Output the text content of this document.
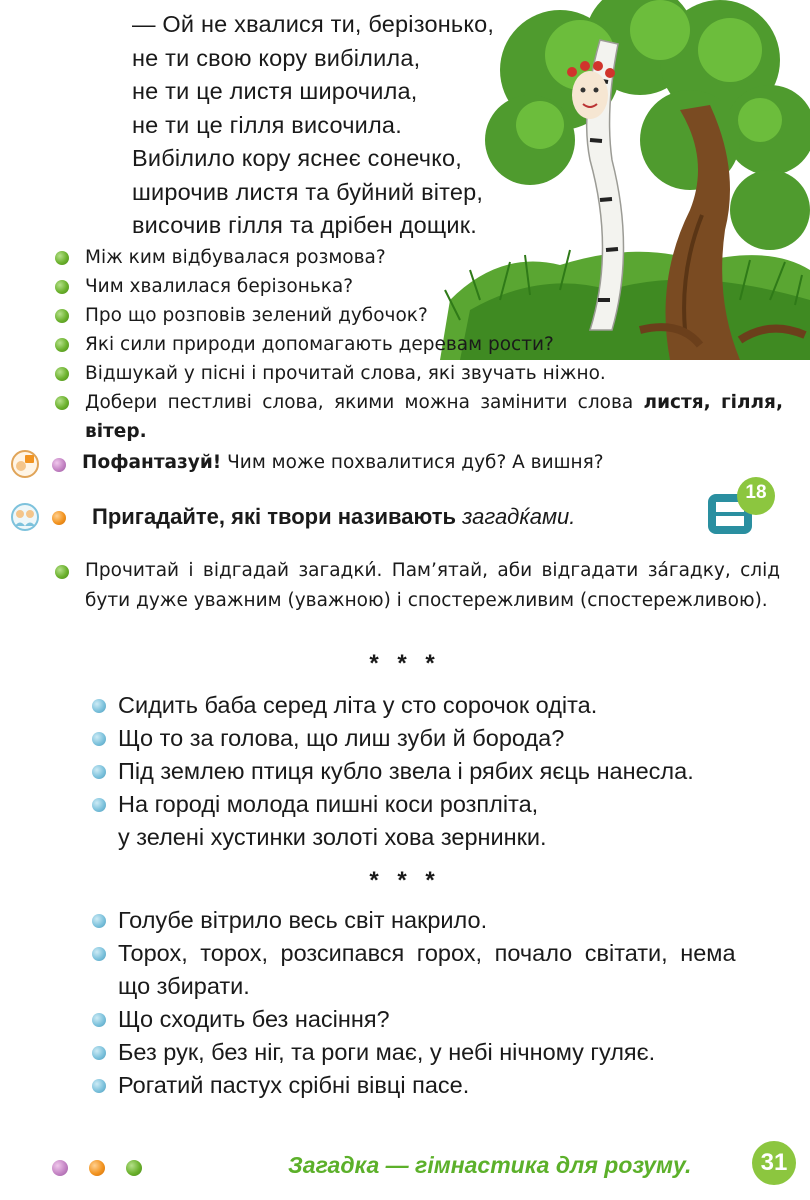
— Ой не хвалися ти, берізонько,
не ти свою кору вибілила,
не ти це листя широчила,
не ти це гілля височила.
Вибілило кору яснеє сонечко,
широчив листя та буйний вітер,
височив гілля та дрібен дощик.
Між ким відбувалася розмова?
Чим хвалилася берізонька?
Про що розповів зелений дубочок?
Які сили природи допомагають деревам рости?
Відшукай у пісні і прочитай слова, які звучать ніжно.
Добери пестливі слова, якими можна замінити слова листя, гілля, вітер.
Пофантазуй! Чим може похвалитися дуб? А вишня?
Пригадайте, які твори називають загадќами.
18
Прочитай і відгадай загадки́. Пам’ятай, аби відгадати за́гадку, слід бути дуже уважним (уважною) і спостережливим (спостережливою).
* * *
Сидить баба серед літа у сто сорочок одіта.
Що то за голова, що лиш зуби й борода?
Під землею птиця кубло звела і рябих яєць нанесла.
На городі молода пишні коси розпліта,
у зелені хустинки золоті хова зернинки.
* * *
Голубе вітрило весь світ накрило.
Торох, торох, розсипався горох, почало світати, нема
що збирати.
Що сходить без насіння?
Без рук, без ніг, та роги має, у небі нічному гуляє.
Рогатий пастух срібні вівці пасе.
Загадка — гімнастика для розуму.	31
